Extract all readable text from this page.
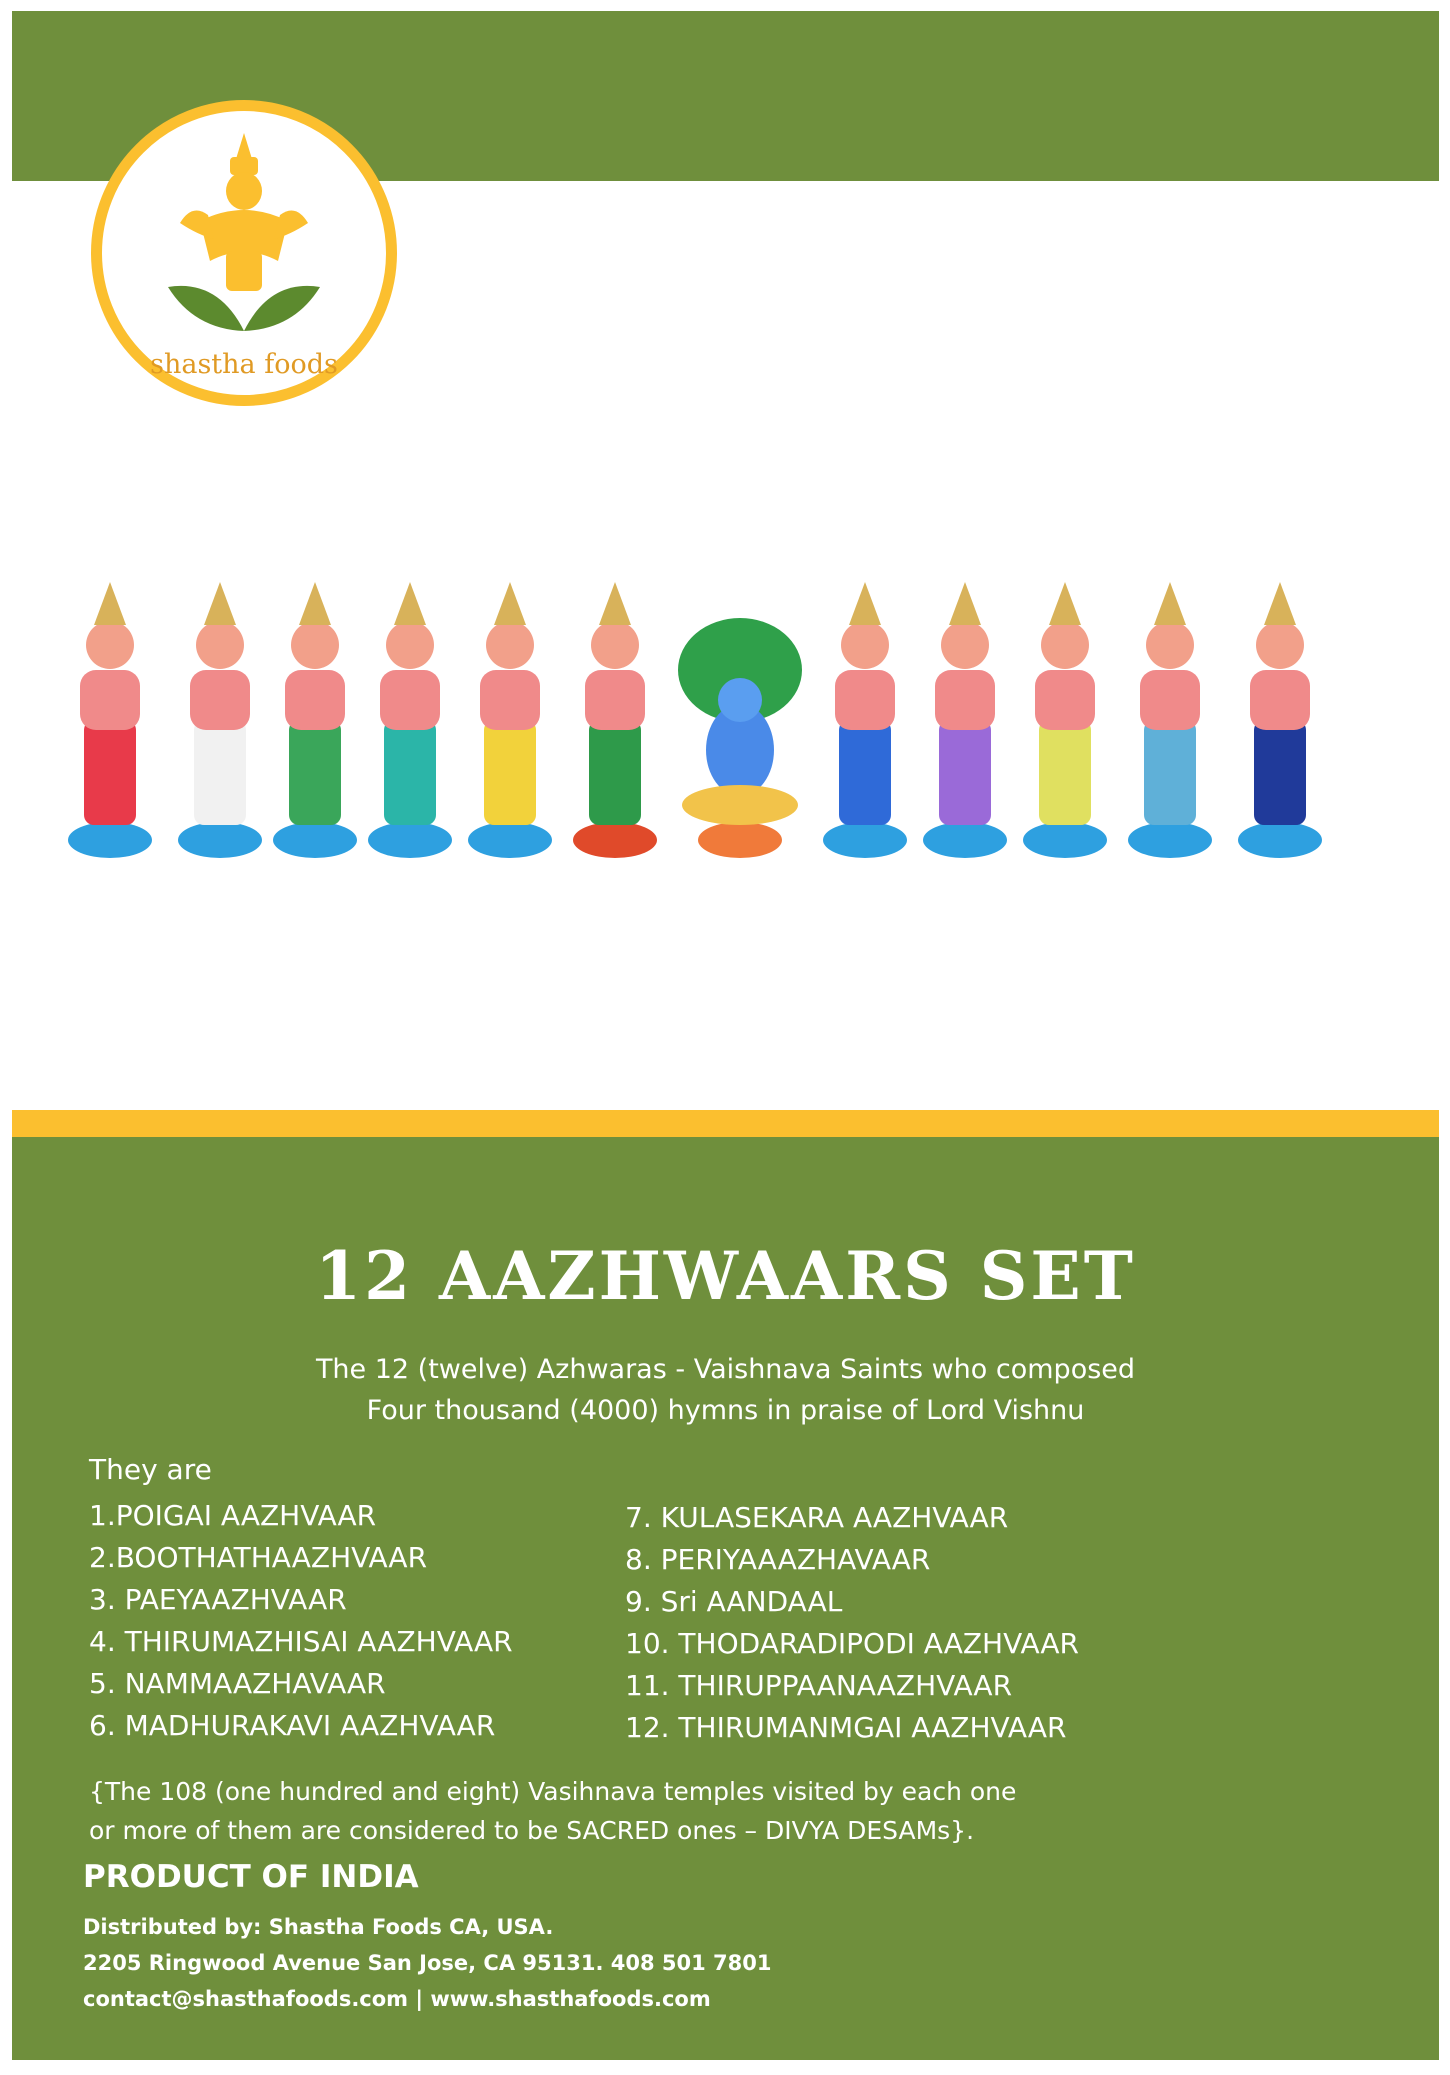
shastha foods
12 AAZHWAARS SET
The 12 (twelve) Azhwaras - Vaishnava Saints who composed
Four thousand (4000) hymns in praise of Lord Vishnu
They are
1.POIGAI AAZHVAAR
2.BOOTHATHAAZHVAAR
3. PAEYAAZHVAAR
4. THIRUMAZHISAI AAZHVAAR
5. NAMMAAZHAVAAR
6. MADHURAKAVI AAZHVAAR
7. KULASEKARA AAZHVAAR
8. PERIYAAAZHAVAAR
9. Sri AANDAAL
10. THODARADIPODI AAZHVAAR
11. THIRUPPAANAAZHVAAR
12. THIRUMANMGAI AAZHVAAR
{The 108 (one hundred and eight) Vasihnava temples visited by each one
or more of them are considered to be SACRED ones – DIVYA DESAMs}.
PRODUCT OF INDIA
Distributed by: Shastha Foods CA, USA.
2205 Ringwood Avenue San Jose, CA 95131. 408 501 7801
contact@shasthafoods.com | www.shasthafoods.com
